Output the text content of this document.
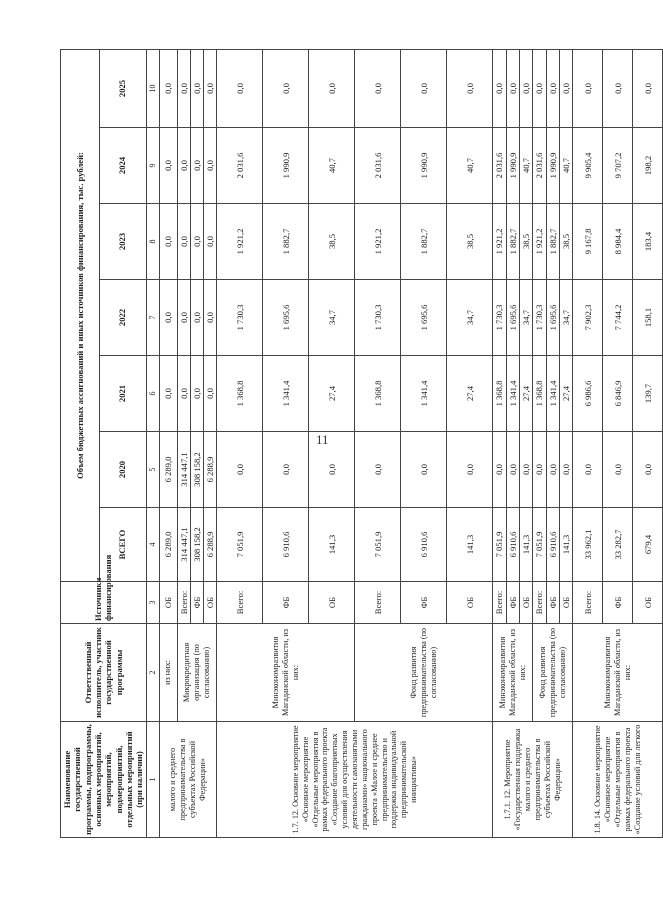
11
Наименование государственной программы, подпрограммы, основных мероприятий, мероприятий, подмероприятий, отдельных мероприятий (при наличии)	Ответственный исполнитель, участник государственной программы	Источники финансирования	Объем бюджетных ассигнований и иных источников финансирования, тыс. рублей:						
			ВСЕГО	2020	2021	2022	2023	2024	2025
1	2	3	4	5	6	7	8	9	10
малого и среднего предпринимательства в субъектах Российской Федерации»	из них:	ОБ	6 289,0	6 289,0	0,0	0,0	0,0	0,0	0,0
	Микрокредитная организация (по согласованию)	Всего:	314 447,1	314 447,1	0,0	0,0	0,0	0,0	0,0
		ФБ	308 158,2	308 158,2	0,0	0,0	0,0	0,0	0,0
		ОБ	6 288,9	6 288,9	0,0	0,0	0,0	0,0	0,0
1.7. 12. Основное мероприятие «Основное мероприятие «Отдельные мероприятия в рамках федерального проекта «Создание благоприятных условий для осуществления деятельности самозанятыми гражданами» национального проекта «Малое и среднее предпринимательство и поддержка индивидуальной предпринимательской инициативы»	Минэкономразвития Магаданской области, из них:	Всего:	7 051,9	0,0	1 368,8	1 730,3	1 921,2	2 031,6	0,0
		ФБ	6 910,6	0,0	1 341,4	1 695,6	1 882,7	1 990,9	0,0
		ОБ	141,3	0,0	27,4	34,7	38,5	40,7	0,0
	Фонд развития предпринимательства (по согласованию)	Всего:	7 051,9	0,0	1 368,8	1 730,3	1 921,2	2 031,6	0,0
		ФБ	6 910,6	0,0	1 341,4	1 695,6	1 882,7	1 990,9	0,0
		ОБ	141,3	0,0	27,4	34,7	38,5	40,7	0,0
1.7.1. 12. Мероприятие «Государственная поддержка малого и среднего предпринимательства в субъектах Российской Федерации»	Минэкономразвития Магаданской области, из них:	Всего:	7 051,9	0,0	1 368,8	1 730,3	1 921,2	2 031,6	0,0
		ФБ	6 910,6	0,0	1 341,4	1 695,6	1 882,7	1 990,9	0,0
		ОБ	141,3	0,0	27,4	34,7	38,5	40,7	0,0
	Фонд развития предпринимательства (по согласованию)	Всего:	7 051,9	0,0	1 368,8	1 730,3	1 921,2	2 031,6	0,0
		ФБ	6 910,6	0,0	1 341,4	1 695,6	1 882,7	1 990,9	0,0
		ОБ	141,3	0,0	27,4	34,7	38,5	40,7	0,0
1.8. 14. Основное мероприятие «Основное мероприятие «Отдельные мероприятия в рамках федерального проекта «Создание условий для легкого	Минэкономразвития Магаданской области, из них:	Всего:	33 962,1	0,0	6 986,6	7 902,3	9 167,8	9 905,4	0,0
		ФБ	33 282,7	0,0	6 846,9	7 744,2	8 984,4	9 707,2	0,0
		ОБ	679,4	0,0	139,7	158,1	183,4	198,2	0,0
